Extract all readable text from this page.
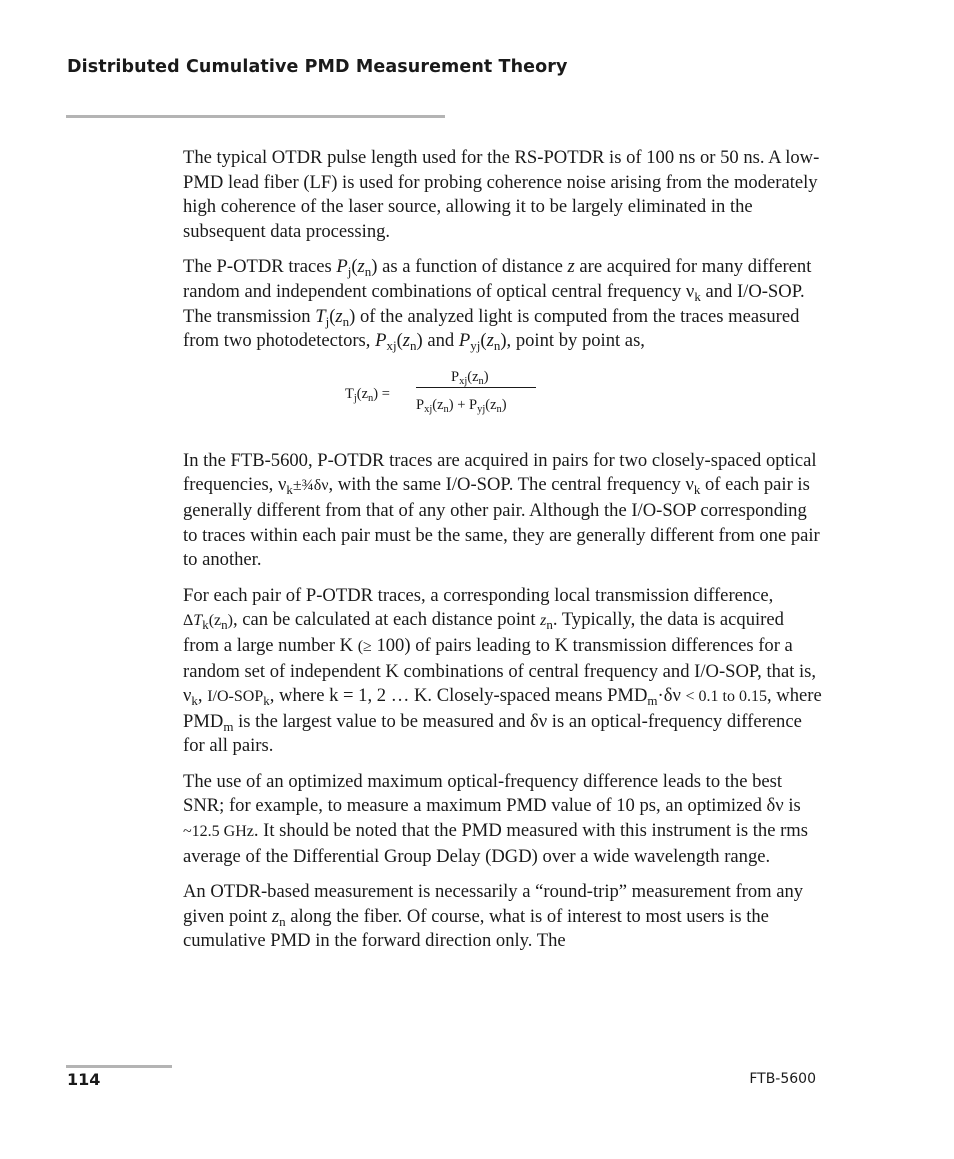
Distributed Cumulative PMD Measurement Theory

The typical OTDR pulse length used for the RS-POTDR is of 100 ns or 50 ns. A low-PMD lead fiber (LF) is used for probing coherence noise arising from the moderately high coherence of the laser source, allowing it to be largely eliminated in the subsequent data processing.

The P-OTDR traces $P_j(z_n)$ as a function of distance z are acquired for many different random and independent combinations of optical central frequency $\nu_k$ and I/O-SOP. The transmission $T_j(z_n)$ of the analyzed light is computed from the traces measured from two photodetectors, $P_{xj}(z_n)$ and $P_{yj}(z_n)$, point by point as,

$T_j(z_n)$ =
$P_{xj}(z_n)$
$P_{xj}(z_n) + P_{yj}(z_n)$

In the FTB-5600, P-OTDR traces are acquired in pairs for two closely-spaced optical frequencies, $\nu_k\pm\frac{3}{4}\delta\nu$, with the same I/O-SOP. The central frequency $\nu_k$ of each pair is generally different from that of any other pair. Although the I/O-SOP corresponding to traces within each pair must be the same, they are generally different from one pair to another.

For each pair of P-OTDR traces, a corresponding local transmission difference, $\Delta T_k(z_n)$, can be calculated at each distance point $z_n$. Typically, the data is acquired from a large number K (≥ 100) of pairs leading to K transmission differences for a random set of independent K combinations of central frequency and I/O-SOP, that is, $\nu_k$, $I/O-SOP_k$, where k = 1, 2 … K. Closely-spaced means $PMD_m\cdot\delta\nu < 0.1$ to 0.15, where $PMD_m$ is the largest value to be measured and δν is an optical-frequency difference for all pairs.

The use of an optimized maximum optical-frequency difference leads to the best SNR; for example, to measure a maximum PMD value of 10 ps, an optimized δν is ~12.5 GHz. It should be noted that the PMD measured with this instrument is the rms average of the Differential Group Delay (DGD) over a wide wavelength range.

An OTDR-based measurement is necessarily a “round-trip” measurement from any given point $z_n$ along the fiber. Of course, what is of interest to most users is the cumulative PMD in the forward direction only. The

114	FTB-5600
